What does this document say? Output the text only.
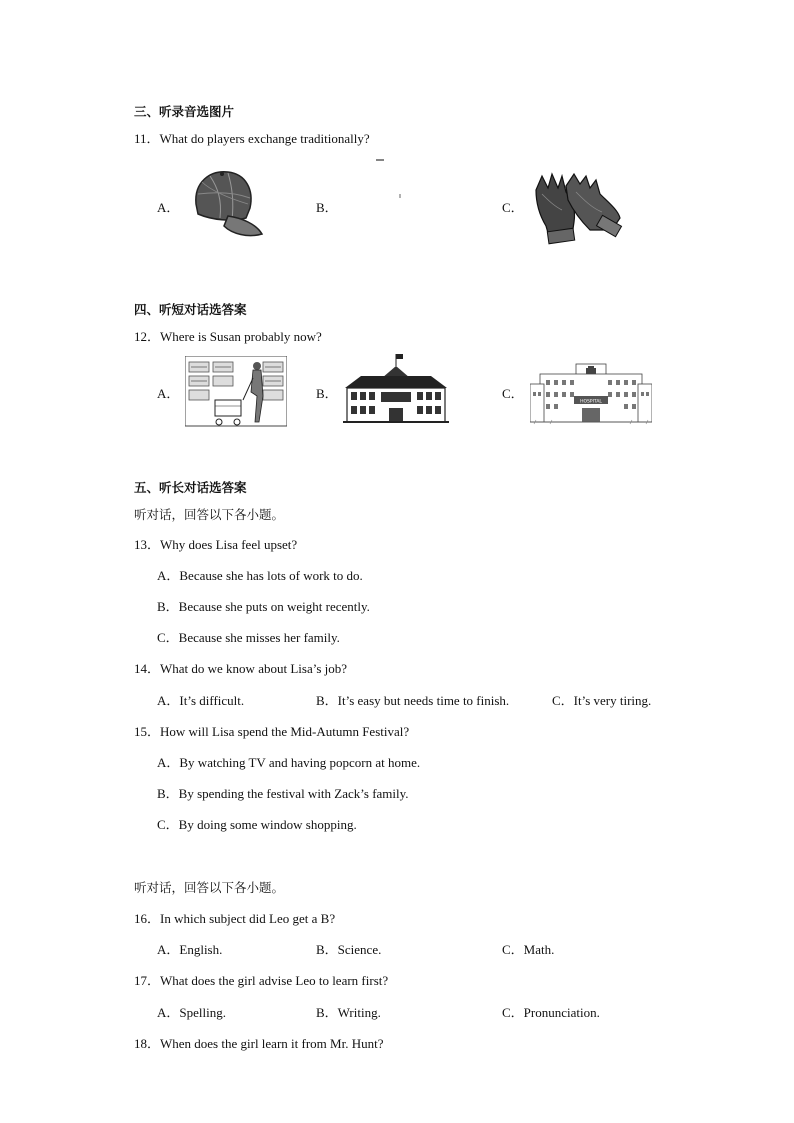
三、听录音选图片
11．What do players exchange traditionally?
A．	B．	C．
四、听短对话选答案
12．Where is Susan probably now?
A．	B．	C．
HOSPITAL
五、听长对话选答案
听对话，回答以下各小题。
13．Why does Lisa feel upset?
A．Because she has lots of work to do.
B．Because she puts on weight recently.
C．Because she misses her family.
14．What do we know about Lisa’s job?
A．It’s difficult.	B．It’s easy but needs time to finish.	C．It’s very tiring.
15．How will Lisa spend the Mid-Autumn Festival?
A．By watching TV and having popcorn at home.
B．By spending the festival with Zack’s family.
C．By doing some window shopping.
听对话，回答以下各小题。
16．In which subject did Leo get a B?
A．English.	B．Science.	C．Math.
17．What does the girl advise Leo to learn first?
A．Spelling.	B．Writing.	C．Pronunciation.
18．When does the girl learn it from Mr. Hunt?
